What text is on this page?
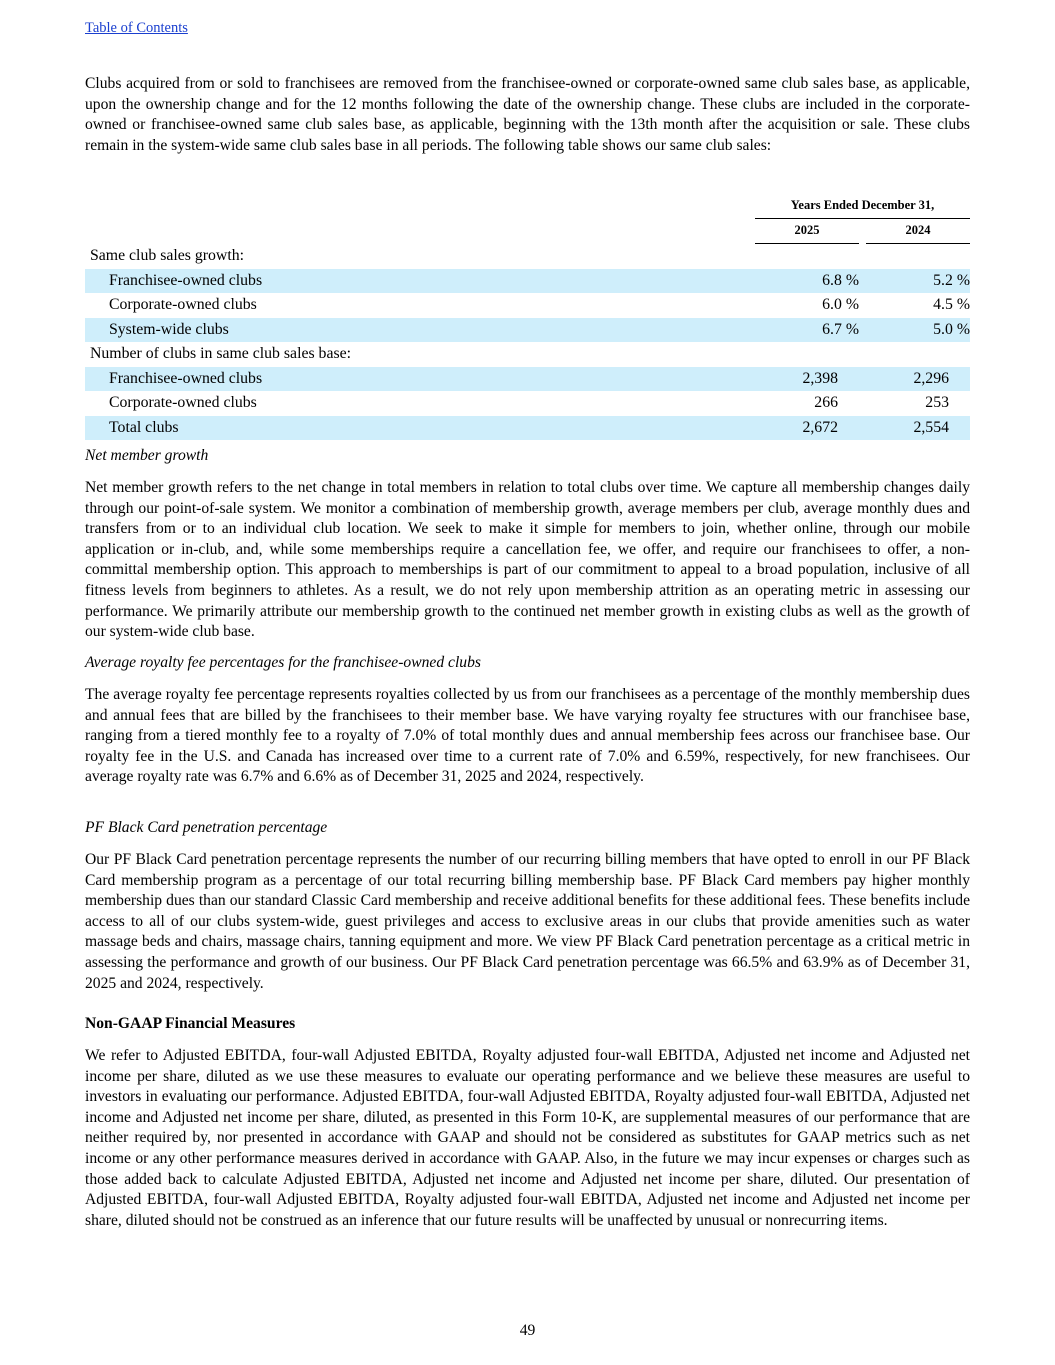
Table of Contents

Clubs acquired from or sold to franchisees are removed from the franchisee-owned or corporate-owned same club sales base, as applicable, upon the ownership change and for the 12 months following the date of the ownership change. These clubs are included in the corporate-owned or franchisee-owned same club sales base, as applicable, beginning with the 13th month after the acquisition or sale. These clubs remain in the system-wide same club sales base in all periods. The following table shows our same club sales:

	Years Ended December 31,		
	2025		2024
Same club sales growth:			
Franchisee-owned clubs	6.8 %		5.2 %
Corporate-owned clubs	6.0 %		4.5 %
System-wide clubs	6.7 %		5.0 %
Number of clubs in same club sales base:			
Franchisee-owned clubs	2,398		2,296
Corporate-owned clubs	266		253
Total clubs	2,672		2,554

Net member growth

Net member growth refers to the net change in total members in relation to total clubs over time. We capture all membership changes daily through our point-of-sale system. We monitor a combination of membership growth, average members per club, average monthly dues and transfers from or to an individual club location. We seek to make it simple for members to join, whether online, through our mobile application or in-club, and, while some memberships require a cancellation fee, we offer, and require our franchisees to offer, a non-committal membership option. This approach to memberships is part of our commitment to appeal to a broad population, inclusive of all fitness levels from beginners to athletes. As a result, we do not rely upon membership attrition as an operating metric in assessing our performance. We primarily attribute our membership growth to the continued net member growth in existing clubs as well as the growth of our system-wide club base.

Average royalty fee percentages for the franchisee-owned clubs

The average royalty fee percentage represents royalties collected by us from our franchisees as a percentage of the monthly membership dues and annual fees that are billed by the franchisees to their member base. We have varying royalty fee structures with our franchisee base, ranging from a tiered monthly fee to a royalty of 7.0% of total monthly dues and annual membership fees across our franchisee base. Our royalty fee in the U.S. and Canada has increased over time to a current rate of 7.0% and 6.59%, respectively, for new franchisees. Our average royalty rate was 6.7% and 6.6% as of December 31, 2025 and 2024, respectively.

PF Black Card penetration percentage

Our PF Black Card penetration percentage represents the number of our recurring billing members that have opted to enroll in our PF Black Card membership program as a percentage of our total recurring billing membership base. PF Black Card members pay higher monthly membership dues than our standard Classic Card membership and receive additional benefits for these additional fees. These benefits include access to all of our clubs system-wide, guest privileges and access to exclusive areas in our clubs that provide amenities such as water massage beds and chairs, massage chairs, tanning equipment and more. We view PF Black Card penetration percentage as a critical metric in assessing the performance and growth of our business. Our PF Black Card penetration percentage was 66.5% and 63.9% as of December 31, 2025 and 2024, respectively.

Non-GAAP Financial Measures

We refer to Adjusted EBITDA, four-wall Adjusted EBITDA, Royalty adjusted four-wall EBITDA, Adjusted net income and Adjusted net income per share, diluted as we use these measures to evaluate our operating performance and we believe these measures are useful to investors in evaluating our performance. Adjusted EBITDA, four-wall Adjusted EBITDA, Royalty adjusted four-wall EBITDA, Adjusted net income and Adjusted net income per share, diluted, as presented in this Form 10-K, are supplemental measures of our performance that are neither required by, nor presented in accordance with GAAP and should not be considered as substitutes for GAAP metrics such as net income or any other performance measures derived in accordance with GAAP. Also, in the future we may incur expenses or charges such as those added back to calculate Adjusted EBITDA, Adjusted net income and Adjusted net income per share, diluted. Our presentation of Adjusted EBITDA, four-wall Adjusted EBITDA, Royalty adjusted four-wall EBITDA, Adjusted net income and Adjusted net income per share, diluted should not be construed as an inference that our future results will be unaffected by unusual or nonrecurring items.

49
